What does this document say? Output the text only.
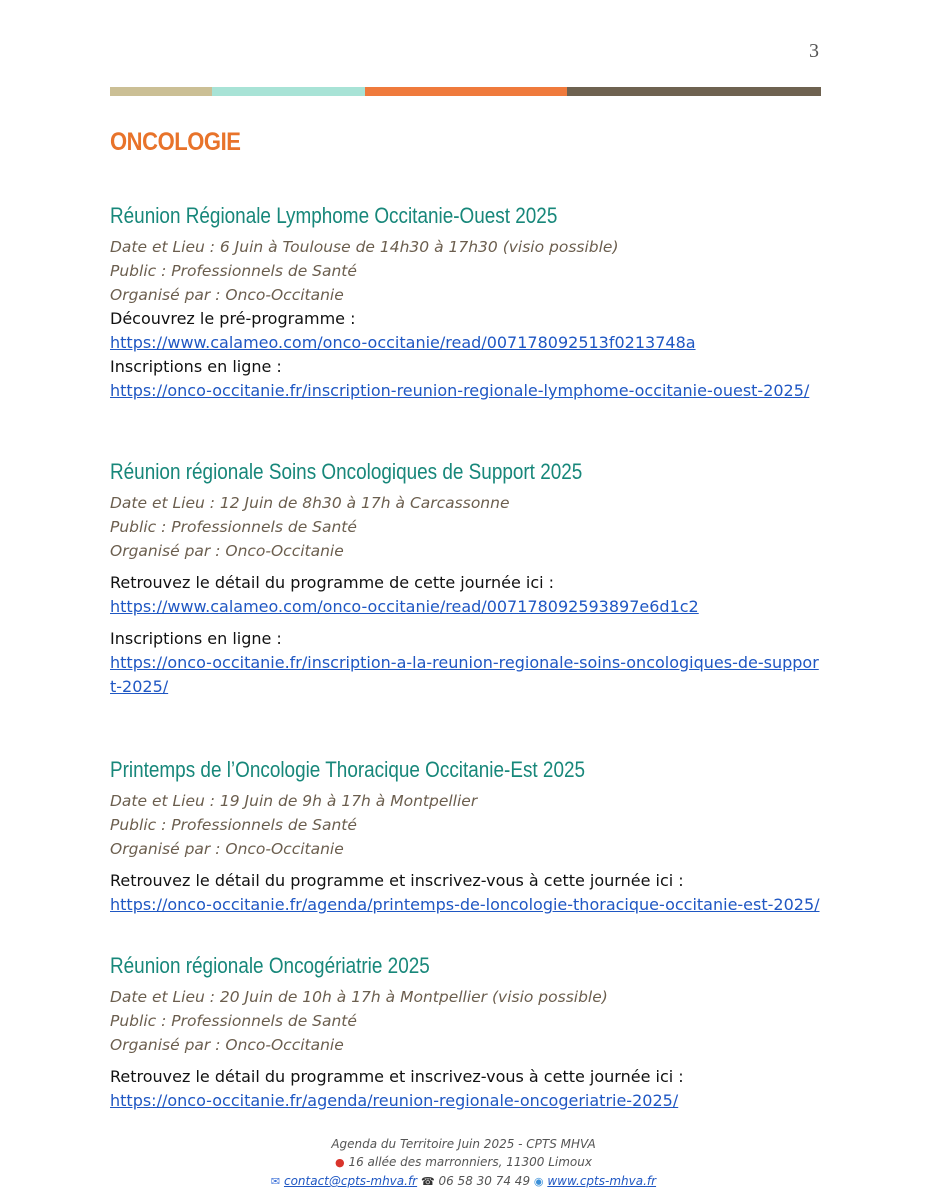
3
ONCOLOGIE
Réunion Régionale Lymphome Occitanie-Ouest 2025

Date et Lieu : 6 Juin à Toulouse de 14h30 à 17h30 (visio possible)

Public : Professionnels de Santé

Organisé par : Onco-Occitanie

Découvrez le pré-programme :

https://www.calameo.com/onco-occitanie/read/007178092513f0213748a

Inscriptions en ligne :

https://onco-occitanie.fr/inscription-reunion-regionale-lymphome-occitanie-ouest-2025/
Réunion régionale Soins Oncologiques de Support 2025

Date et Lieu : 12 Juin de 8h30 à 17h à Carcassonne

Public : Professionnels de Santé

Organisé par : Onco-Occitanie

Retrouvez le détail du programme de cette journée ici :

https://www.calameo.com/onco-occitanie/read/007178092593897e6d1c2

Inscriptions en ligne :

https://onco-occitanie.fr/inscription-a-la-reunion-regionale-soins-oncologiques-de-support-2025/
Printemps de l’Oncologie Thoracique Occitanie-Est 2025

Date et Lieu : 19 Juin de 9h à 17h à Montpellier

Public : Professionnels de Santé

Organisé par : Onco-Occitanie

Retrouvez le détail du programme et inscrivez-vous à cette journée ici :

https://onco-occitanie.fr/agenda/printemps-de-loncologie-thoracique-occitanie-est-2025/
Réunion régionale Oncogériatrie 2025

Date et Lieu : 20 Juin de 10h à 17h à Montpellier (visio possible)

Public : Professionnels de Santé

Organisé par : Onco-Occitanie

Retrouvez le détail du programme et inscrivez-vous à cette journée ici :

https://onco-occitanie.fr/agenda/reunion-regionale-oncogeriatrie-2025/
Agenda du Territoire Juin 2025 - CPTS MHVA
● 16 allée des marronniers, 11300 Limoux
✉ contact@cpts-mhva.fr ☎ 06 58 30 74 49 ◉ www.cpts-mhva.fr
